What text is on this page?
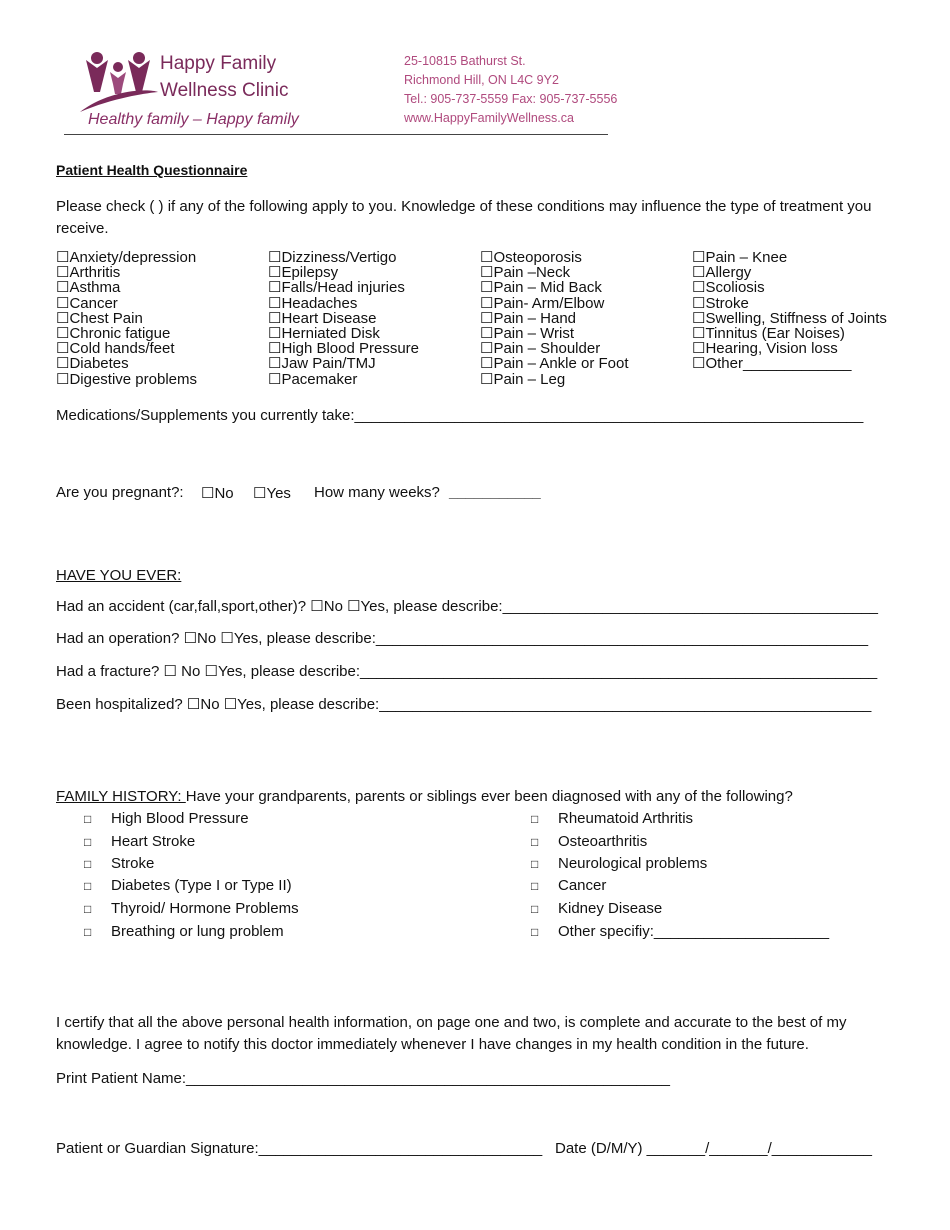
Happy Family
Wellness Clinic
Healthy family – Happy family
25-10815 Bathurst St.
Richmond Hill, ON L4C 9Y2
Tel.: 905-737-5559 Fax: 905-737-5556
www.HappyFamilyWellness.ca
Patient Health Questionnaire
Please check ( ) if any of the following apply to you. Knowledge of these conditions may influence the type of treatment you receive.
☐Anxiety/depression
☐Arthritis
☐Asthma
☐Cancer
☐Chest Pain
☐Chronic fatigue
☐Cold hands/feet
☐Diabetes
☐Digestive problems
☐Dizziness/Vertigo
☐Epilepsy
☐Falls/Head injuries
☐Headaches
☐Heart Disease
☐Herniated Disk
☐High Blood Pressure
☐Jaw Pain/TMJ
☐Pacemaker
☐Osteoporosis
☐Pain –Neck
☐Pain – Mid Back
☐Pain- Arm/Elbow
☐Pain – Hand
☐Pain – Wrist
☐Pain – Shoulder
☐Pain – Ankle or Foot
☐Pain – Leg
☐Pain – Knee
☐Allergy
☐Scoliosis
☐Stroke
☐Swelling, Stiffness of Joints
☐Tinnitus (Ear Noises)
☐Hearing, Vision loss
☐Other_____________
Medications/Supplements you currently take:_____________________________________________________________
Are you pregnant?: ☐No ☐Yes How many weeks? ___________
HAVE YOU EVER:
Had an accident (car,fall,sport,other)? ☐No ☐Yes, please describe:_____________________________________________
Had an operation? ☐No ☐Yes, please describe:___________________________________________________________
Had a fracture? ☐ No ☐Yes, please describe:______________________________________________________________
Been hospitalized? ☐No ☐Yes, please describe:___________________________________________________________
FAMILY HISTORY: Have your grandparents, parents or siblings ever been diagnosed with any of the following?
□ High Blood Pressure
□ Heart Stroke
□ Stroke
□ Diabetes (Type I or Type II)
□ Thyroid/ Hormone Problems
□ Breathing or lung problem
□ Rheumatoid Arthritis
□ Osteoarthritis
□ Neurological problems
□ Cancer
□ Kidney Disease
□ Other specifiy:_____________________
I certify that all the above personal health information, on page one and two, is complete and accurate to the best of my knowledge. I agree to notify this doctor immediately whenever I have changes in my health condition in the future.
Print Patient Name:__________________________________________________________
Patient or Guardian Signature:__________________________________ Date (D/M/Y) _______/_______/____________
